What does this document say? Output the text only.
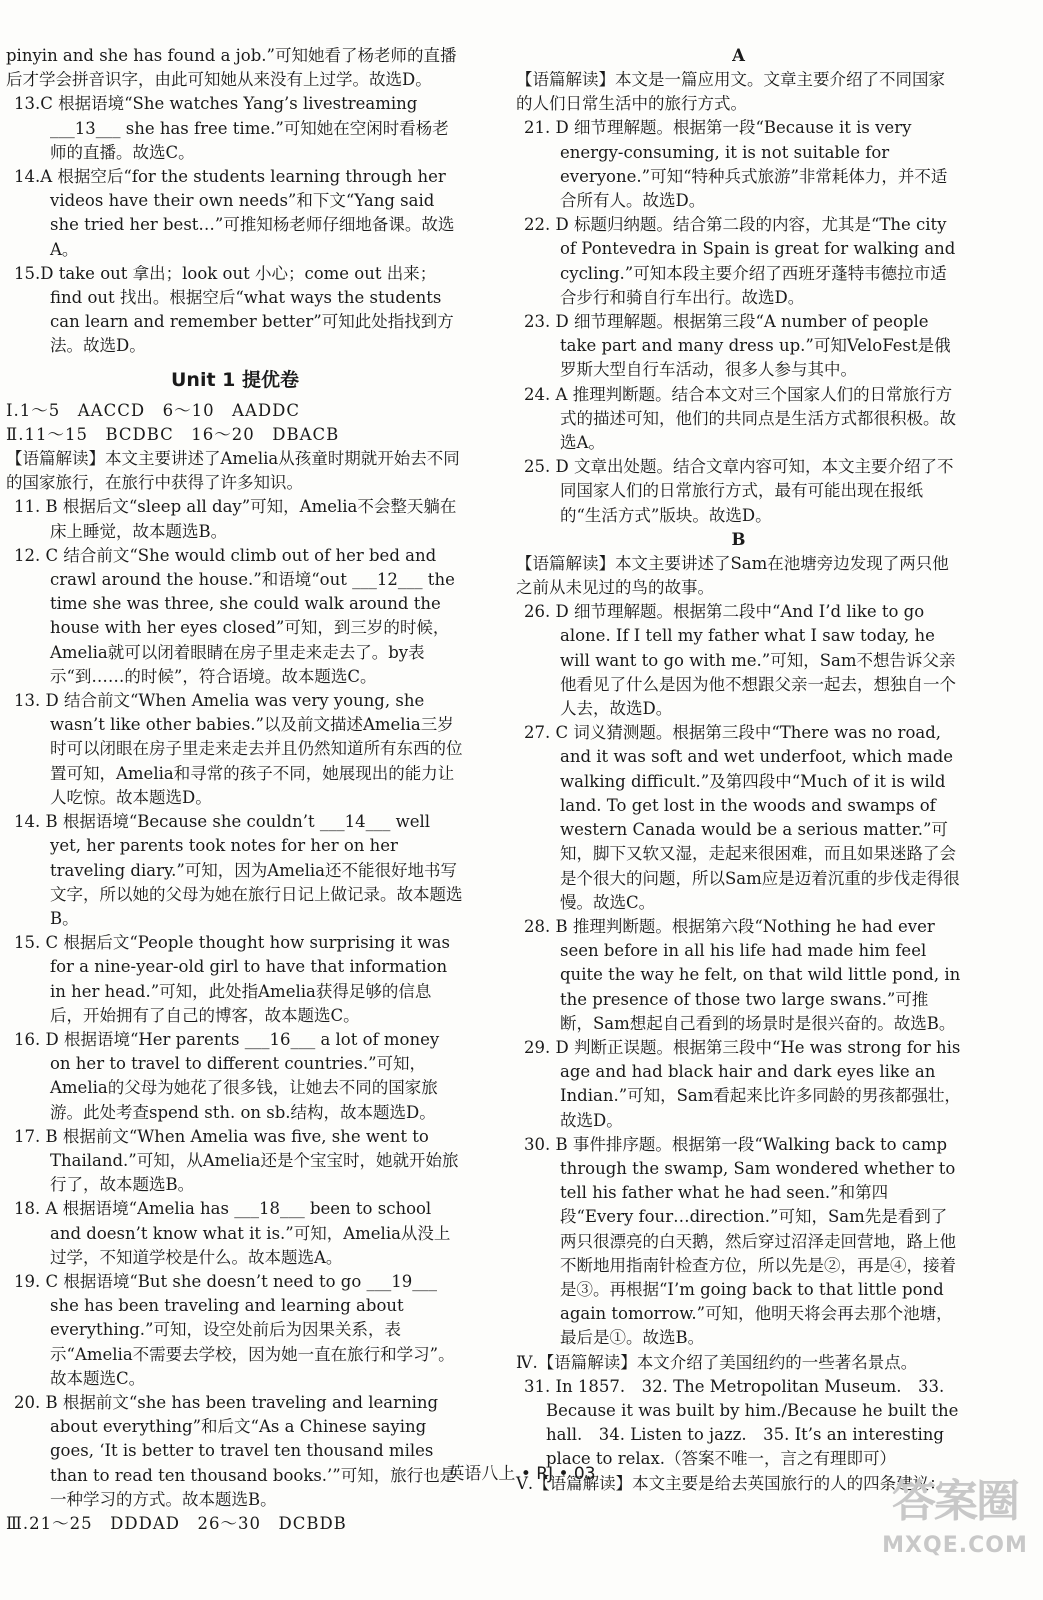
pinyin and she has found a job.”可知她看了杨老师的直播后才学会拼音识字，由此可知她从来没有上过学。故选D。

13.C 根据语境“She watches Yang’s livestreaming ___13___ she has free time.”可知她在空闲时看杨老师的直播。故选C。

14.A 根据空后“for the students learning through her videos have their own needs”和下文“Yang said she tried her best…”可推知杨老师仔细地备课。故选A。

15.D take out 拿出；look out 小心；come out 出来；find out 找出。根据空后“what ways the students can learn and remember better”可知此处指找到方法。故选D。

Unit 1 提优卷

Ⅰ.1～5　AACCD　6～10　AADDC

Ⅱ.11～15　BCDBC　16～20　DBACB

【语篇解读】本文主要讲述了Amelia从孩童时期就开始去不同的国家旅行，在旅行中获得了许多知识。

11. B 根据后文“sleep all day”可知，Amelia不会整天躺在床上睡觉，故本题选B。

12. C 结合前文“She would climb out of her bed and crawl around the house.”和语境“out ___12___ the time she was three, she could walk around the house with her eyes closed”可知，到三岁的时候，Amelia就可以闭着眼睛在房子里走来走去了。by表示“到……的时候”，符合语境。故本题选C。

13. D 结合前文“When Amelia was very young, she wasn’t like other babies.”以及前文描述Amelia三岁时可以闭眼在房子里走来走去并且仍然知道所有东西的位置可知，Amelia和寻常的孩子不同，她展现出的能力让人吃惊。故本题选D。

14. B 根据语境“Because she couldn’t ___14___ well yet, her parents took notes for her on her traveling diary.”可知，因为Amelia还不能很好地书写文字，所以她的父母为她在旅行日记上做记录。故本题选B。

15. C 根据后文“People thought how surprising it was for a nine-year-old girl to have that information in her head.”可知，此处指Amelia获得足够的信息后，开始拥有了自己的博客，故本题选C。

16. D 根据语境“Her parents ___16___ a lot of money on her to travel to different countries.”可知，Amelia的父母为她花了很多钱，让她去不同的国家旅游。此处考查spend sth. on sb.结构，故本题选D。

17. B 根据前文“When Amelia was five, she went to Thailand.”可知，从Amelia还是个宝宝时，她就开始旅行了，故本题选B。

18. A 根据语境“Amelia has ___18___ been to school and doesn’t know what it is.”可知，Amelia从没上过学，不知道学校是什么。故本题选A。

19. C 根据语境“But she doesn’t need to go ___19___ she has been traveling and learning about everything.”可知，设空处前后为因果关系，表示“Amelia不需要去学校，因为她一直在旅行和学习”。故本题选C。

20. B 根据前文“she has been traveling and learning about everything”和后文“As a Chinese saying goes, ‘It is better to travel ten thousand miles than to read ten thousand books.’”可知，旅行也是一种学习的方式。故本题选B。

Ⅲ.21～25　DDDAD　26～30　DCBDB

A

【语篇解读】本文是一篇应用文。文章主要介绍了不同国家的人们日常生活中的旅行方式。

21. D 细节理解题。根据第一段“Because it is very energy-consuming, it is not suitable for everyone.”可知“特种兵式旅游”非常耗体力，并不适合所有人。故选D。

22. D 标题归纳题。结合第二段的内容，尤其是“The city of Pontevedra in Spain is great for walking and cycling.”可知本段主要介绍了西班牙蓬特韦德拉市适合步行和骑自行车出行。故选D。

23. D 细节理解题。根据第三段“A number of people take part and many dress up.”可知VeloFest是俄罗斯大型自行车活动，很多人参与其中。

24. A 推理判断题。结合本文对三个国家人们的日常旅行方式的描述可知，他们的共同点是生活方式都很积极。故选A。

25. D 文章出处题。结合文章内容可知，本文主要介绍了不同国家人们的日常旅行方式，最有可能出现在报纸的“生活方式”版块。故选D。

B

【语篇解读】本文主要讲述了Sam在池塘旁边发现了两只他之前从未见过的鸟的故事。

26. D 细节理解题。根据第二段中“And I’d like to go alone. If I tell my father what I saw today, he will want to go with me.”可知，Sam不想告诉父亲他看见了什么是因为他不想跟父亲一起去，想独自一个人去，故选D。

27. C 词义猜测题。根据第三段中“There was no road, and it was soft and wet underfoot, which made walking difficult.”及第四段中“Much of it is wild land. To get lost in the woods and swamps of western Canada would be a serious matter.”可知，脚下又软又湿，走起来很困难，而且如果迷路了会是个很大的问题，所以Sam应是迈着沉重的步伐走得很慢。故选C。

28. B 推理判断题。根据第六段“Nothing he had ever seen before in all his life had made him feel quite the way he felt, on that wild little pond, in the presence of those two large swans.”可推断，Sam想起自己看到的场景时是很兴奋的。故选B。

29. D 判断正误题。根据第三段中“He was strong for his age and had black hair and dark eyes like an Indian.”可知，Sam看起来比许多同龄的男孩都强壮，故选D。

30. B 事件排序题。根据第一段“Walking back to camp through the swamp, Sam wondered whether to tell his father what he had seen.”和第四段“Every four…direction.”可知，Sam先是看到了两只很漂亮的白天鹅，然后穿过沼泽走回营地，路上他不断地用指南针检查方位，所以先是②，再是④，接着是③。再根据“I’m going back to that little pond again tomorrow.”可知，他明天将会再去那个池塘，最后是①。故选B。

Ⅳ.【语篇解读】本文介绍了美国纽约的一些著名景点。

31. In 1857.　32. The Metropolitan Museum.　33. Because it was built by him./Because he built the hall.　34. Listen to jazz.　35. It’s an interesting place to relax.（答案不唯一，言之有理即可）

Ⅴ.【语篇解读】本文主要是给去英国旅行的人的四条建议：

英语八上 • RJ • 03
答案圈
MXQE.COM
